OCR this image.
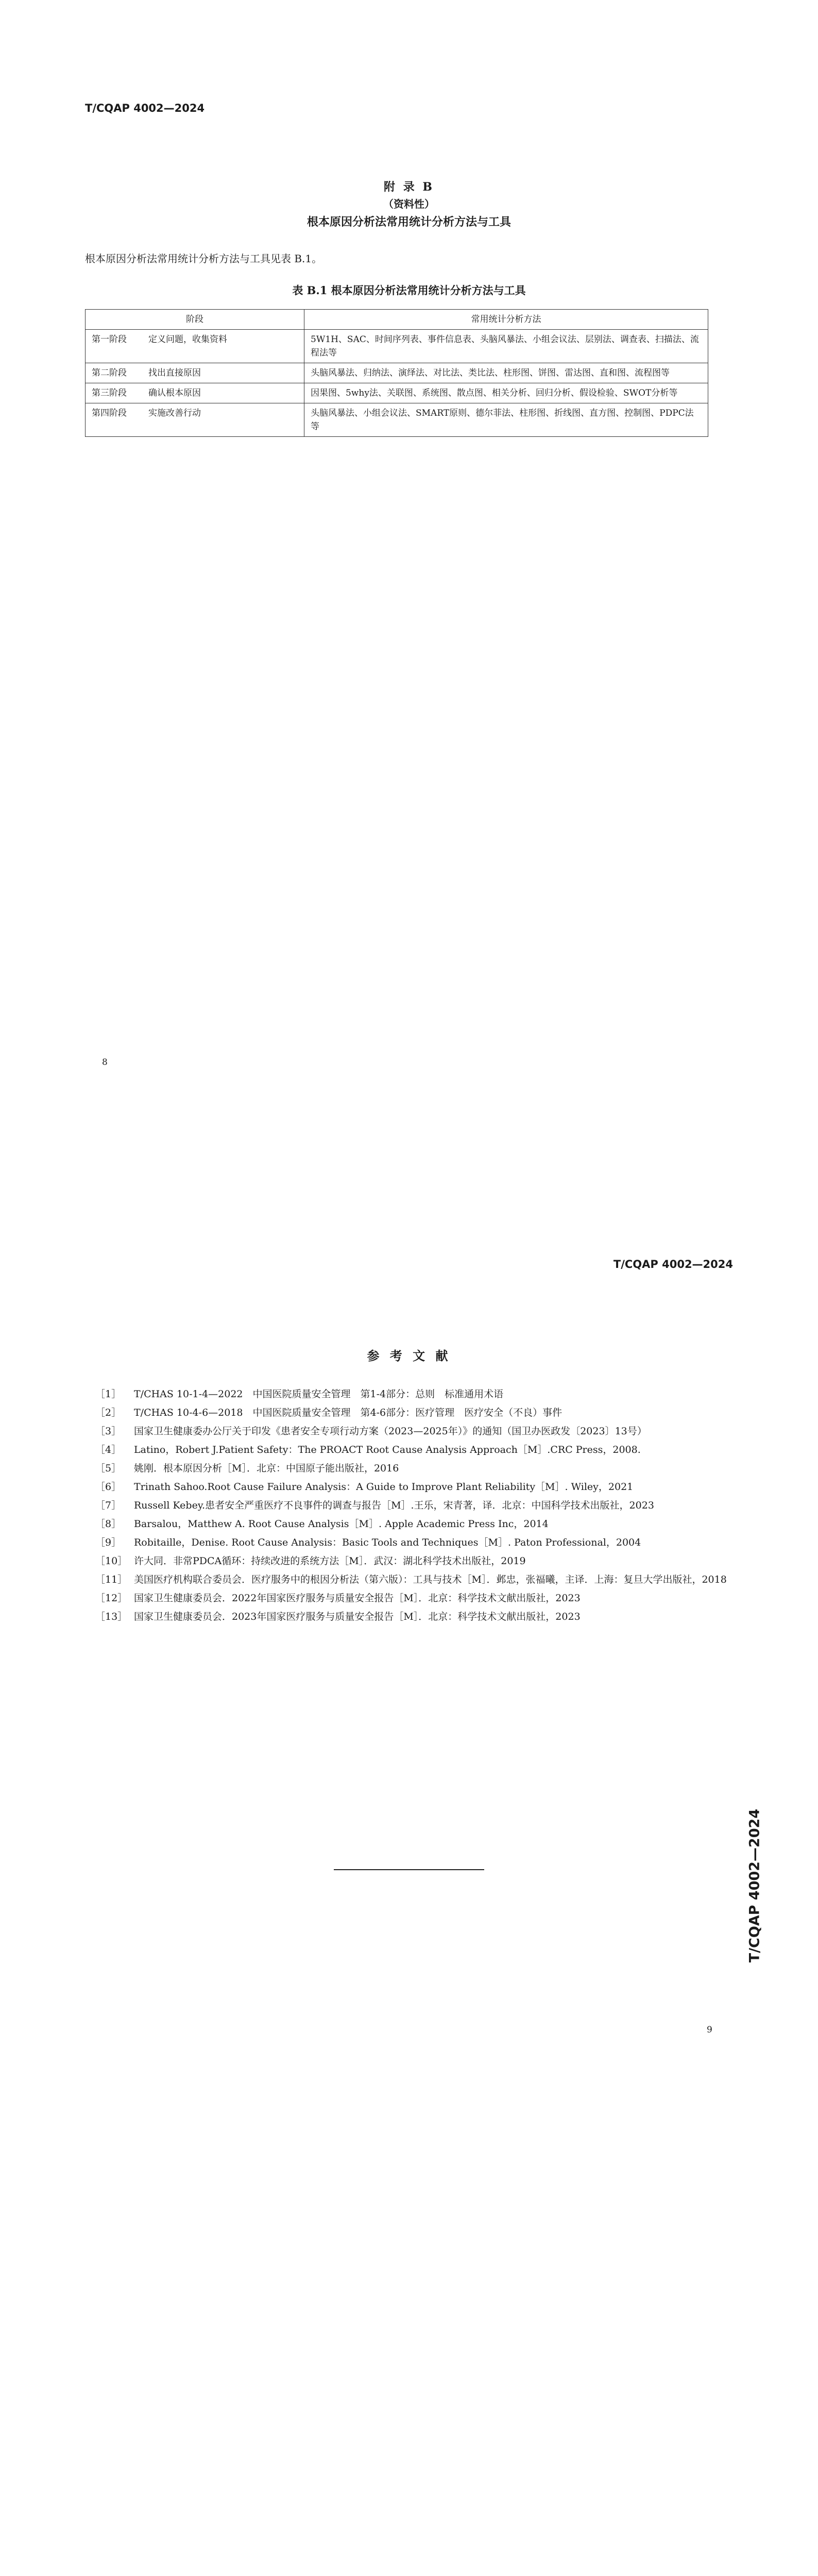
T/CQAP 4002—2024
附 录 B
（资料性）
根本原因分析法常用统计分析方法与工具
根本原因分析法常用统计分析方法与工具见表 B.1。
表 B.1 根本原因分析法常用统计分析方法与工具
阶段	常用统计分析方法
第一阶段 定义问题，收集资料	5W1H、SAC、时间序列表、事件信息表、头脑风暴法、小组会议法、层别法、调查表、扫描法、流程法等
第二阶段 找出直接原因	头脑风暴法、归纳法、演绎法、对比法、类比法、柱形图、饼图、雷达图、直和图、流程图等
第三阶段 确认根本原因	因果图、5why法、关联图、系统图、散点图、相关分析、回归分析、假设检验、SWOT分析等
第四阶段 实施改善行动	头脑风暴法、小组会议法、SMART原则、德尔菲法、柱形图、折线图、直方图、控制图、PDPC法等
8
T/CQAP 4002—2024
参 考 文 献

［1］ T/CHAS 10-1-4—2022　中国医院质量安全管理　第1-4部分：总则　标准通用术语

［2］ T/CHAS 10-4-6—2018　中国医院质量安全管理　第4-6部分：医疗管理　医疗安全（不良）事件

［3］ 国家卫生健康委办公厅关于印发《患者安全专项行动方案（2023—2025年）》的通知（国卫办医政发〔2023〕13号）

［4］ Latino，Robert J.Patient Safety：The PROACT Root Cause Analysis Approach［M］.CRC Press，2008.

［5］ 姚刚．根本原因分析［M］．北京：中国原子能出版社，2016

［6］ Trinath Sahoo.Root Cause Failure Analysis：A Guide to Improve Plant Reliability［M］. Wiley，2021

［7］ Russell Kebey.患者安全严重医疗不良事件的调查与报告［M］.王乐，宋青著，译．北京：中国科学技术出版社，2023

［8］ Barsalou，Matthew A. Root Cause Analysis［M］. Apple Academic Press Inc，2014

［9］ Robitaille，Denise. Root Cause Analysis：Basic Tools and Techniques［M］. Paton Professional，2004

［10］ 许大同．非常PDCA循环：持续改进的系统方法［M］．武汉：湖北科学技术出版社，2019

［11］ 美国医疗机构联合委员会．医疗服务中的根因分析法（第六版）：工具与技术［M］．邺忠，张福曦，主译．上海：复旦大学出版社，2018

［12］ 国家卫生健康委员会．2022年国家医疗服务与质量安全报告［M］．北京：科学技术文献出版社，2023

［13］ 国家卫生健康委员会．2023年国家医疗服务与质量安全报告［M］．北京：科学技术文献出版社，2023

9
T/CQAP 4002—2024
